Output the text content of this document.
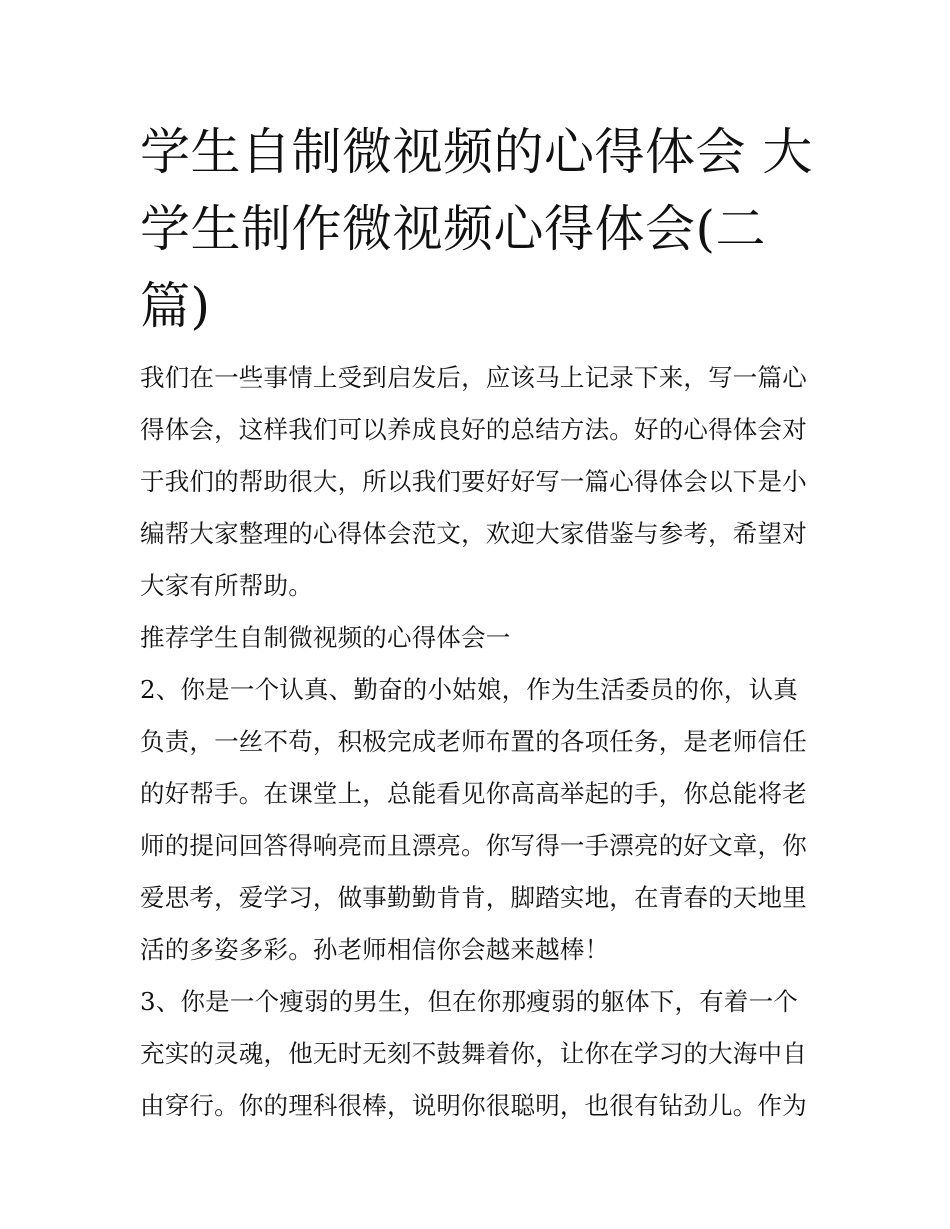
学生自制微视频的心得体会 大学生制作微视频心得体会(二篇)

我们在一些事情上受到启发后，应该马上记录下来，写一篇心得体会，这样我们可以养成良好的总结方法。好的心得体会对于我们的帮助很大，所以我们要好好写一篇心得体会以下是小编帮大家整理的心得体会范文，欢迎大家借鉴与参考，希望对大家有所帮助。

推荐学生自制微视频的心得体会一

2、你是一个认真、勤奋的小姑娘，作为生活委员的你，认真负责，一丝不苟，积极完成老师布置的各项任务，是老师信任的好帮手。在课堂上，总能看见你高高举起的手，你总能将老师的提问回答得响亮而且漂亮。你写得一手漂亮的好文章，你爱思考，爱学习，做事勤勤肯肯，脚踏实地，在青春的天地里活的多姿多彩。孙老师相信你会越来越棒！

3、你是一个瘦弱的男生，但在你那瘦弱的躯体下，有着一个充实的灵魂，他无时无刻不鼓舞着你，让你在学习的大海中自由穿行。你的理科很棒，说明你很聪明，也很有钻劲儿。作为
